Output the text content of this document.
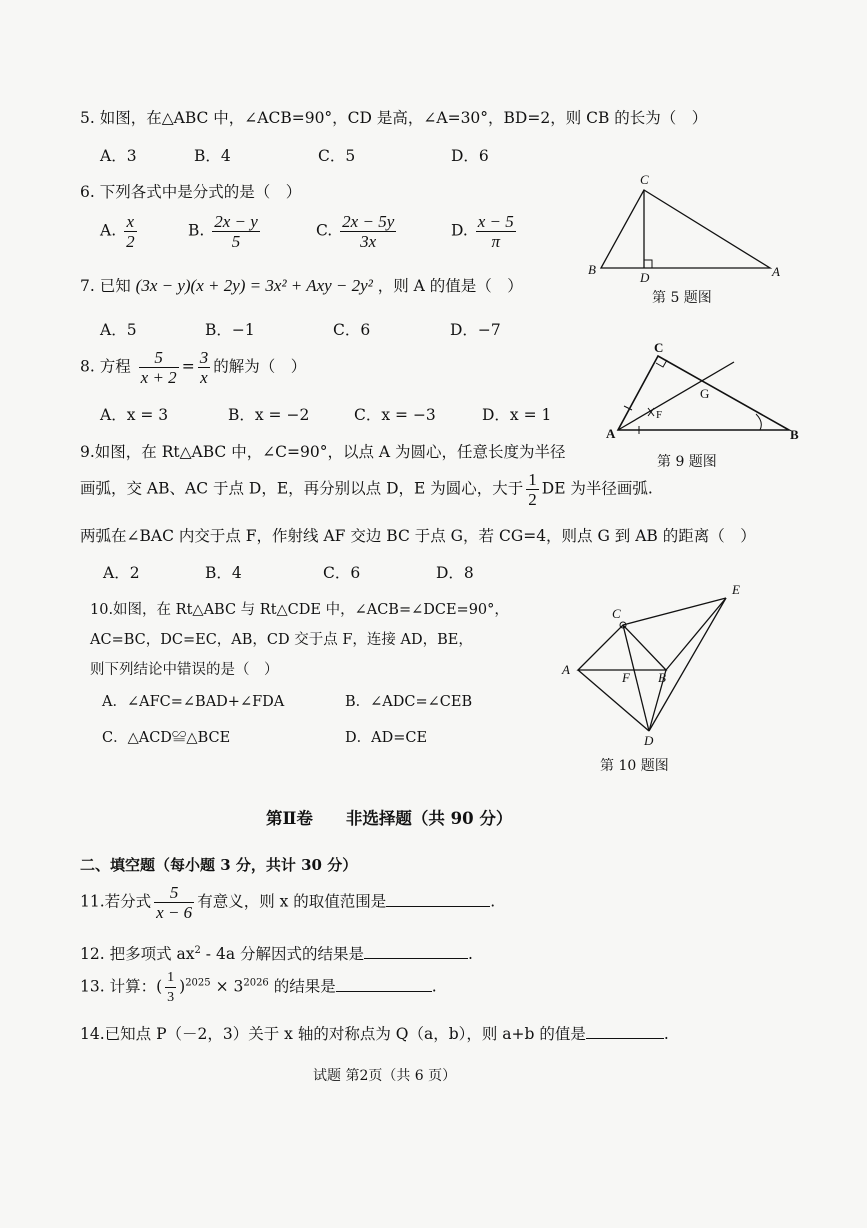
5. 如图，在△ABC 中，∠ACB=90°，CD 是高，∠A=30°，BD=2，则 CB 的长为（　）
A．3	B．4	C．5	D．6
6. 下列各式中是分式的是（　）
A. $\frac{x}{2}$	B. $\frac{2x - y}{5}$	C. $\frac{2x - 5y}{3x}$	D. $\frac{x - 5}{\pi}$
7. 已知 (3x − y)(x + 2y) = 3x² + Axy − 2y² ，则 A 的值是（　）
A．5	B．−1	C．6	D．−7
8. 方程 $\frac{5}{x + 2} = \frac{3}{x}$ 的解为（　）
A．x = 3	B．x = −2	C．x = −3	D．x = 1
9.如图，在 Rt△ABC 中，∠C=90°，以点 A 为圆心，任意长度为半径
画弧，交 AB、AC 于点 D，E，再分别以点 D，E 为圆心，大于 $\frac{1}{2}$ DE 为半径画弧.
两弧在∠BAC 内交于点 F，作射线 AF 交边 BC 于点 G，若 CG=4，则点 G 到 AB 的距离（　）
A．2	B．4	C．6	D．8
10.如图，在 Rt△ABC 与 Rt△CDE 中，∠ACB=∠DCE=90°，
AC=BC，DC=EC，AB，CD 交于点 F，连接 AD，BE，
则下列结论中错误的是（　）
A．∠AFC=∠BAD+∠FDA	B．∠ADC=∠CEB
C．△ACD≌△BCE	D．AD=CE
C
B
D	A
第 5 题图
C
G
F
A	B
第 9 题图
C
E
A
F B
D
第 10 题图
第Ⅱ卷　　非选择题（共 90 分）
二、填空题（每小题 3 分，共计 30 分）
11.若分式 $\frac{5}{x - 6}$ 有意义，则 x 的取值范围是	.
12. 把多项式 $ax^2 - 4a$ 分解因式的结果是	.
13. 计算：( $\frac{1}{3} )^{2025} \times 3^{2026}$ 的结果是	.
14.已知点 P（－2，3）关于 x 轴的对称点为 Q（a，b），则 a+b 的值是	.
试题 第2页（共 6 页）
